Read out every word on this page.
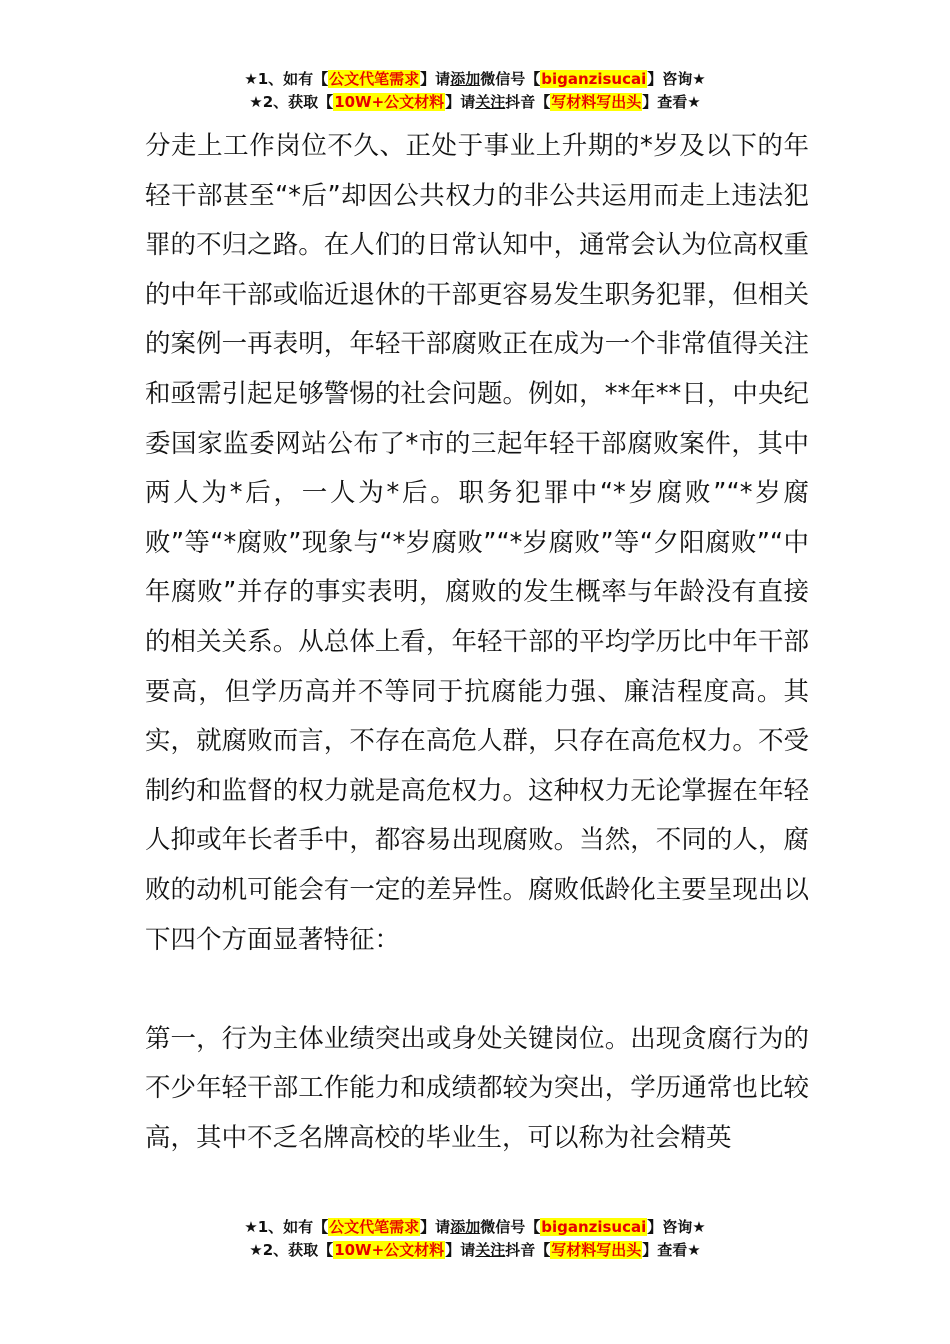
★1、如有【公文代笔需求】请添加微信号【biganzisucai】咨询★
★2、获取【10W+公文材料】请关注抖音【写材料写出头】查看★

分走上工作岗位不久、正处于事业上升期的*岁及以下的年轻干部甚至“*后”却因公共权力的非公共运用而走上违法犯罪的不归之路。在人们的日常认知中，通常会认为位高权重的中年干部或临近退休的干部更容易发生职务犯罪，但相关的案例一再表明，年轻干部腐败正在成为一个非常值得关注和亟需引起足够警惕的社会问题。例如，**年**日，中央纪委国家监委网站公布了*市的三起年轻干部腐败案件，其中两人为*后，一人为*后。职务犯罪中“*岁腐败”“*岁腐败”等“*腐败”现象与“*岁腐败”“*岁腐败”等“夕阳腐败”“中年腐败”并存的事实表明，腐败的发生概率与年龄没有直接的相关关系。从总体上看，年轻干部的平均学历比中年干部要高，但学历高并不等同于抗腐能力强、廉洁程度高。其实，就腐败而言，不存在高危人群，只存在高危权力。不受制约和监督的权力就是高危权力。这种权力无论掌握在年轻人抑或年长者手中，都容易出现腐败。当然，不同的人，腐败的动机可能会有一定的差异性。腐败低龄化主要呈现出以下四个方面显著特征：

第一，行为主体业绩突出或身处关键岗位。出现贪腐行为的不少年轻干部工作能力和成绩都较为突出，学历通常也比较高，其中不乏名牌高校的毕业生，可以称为社会精英

★1、如有【公文代笔需求】请添加微信号【biganzisucai】咨询★
★2、获取【10W+公文材料】请关注抖音【写材料写出头】查看★
